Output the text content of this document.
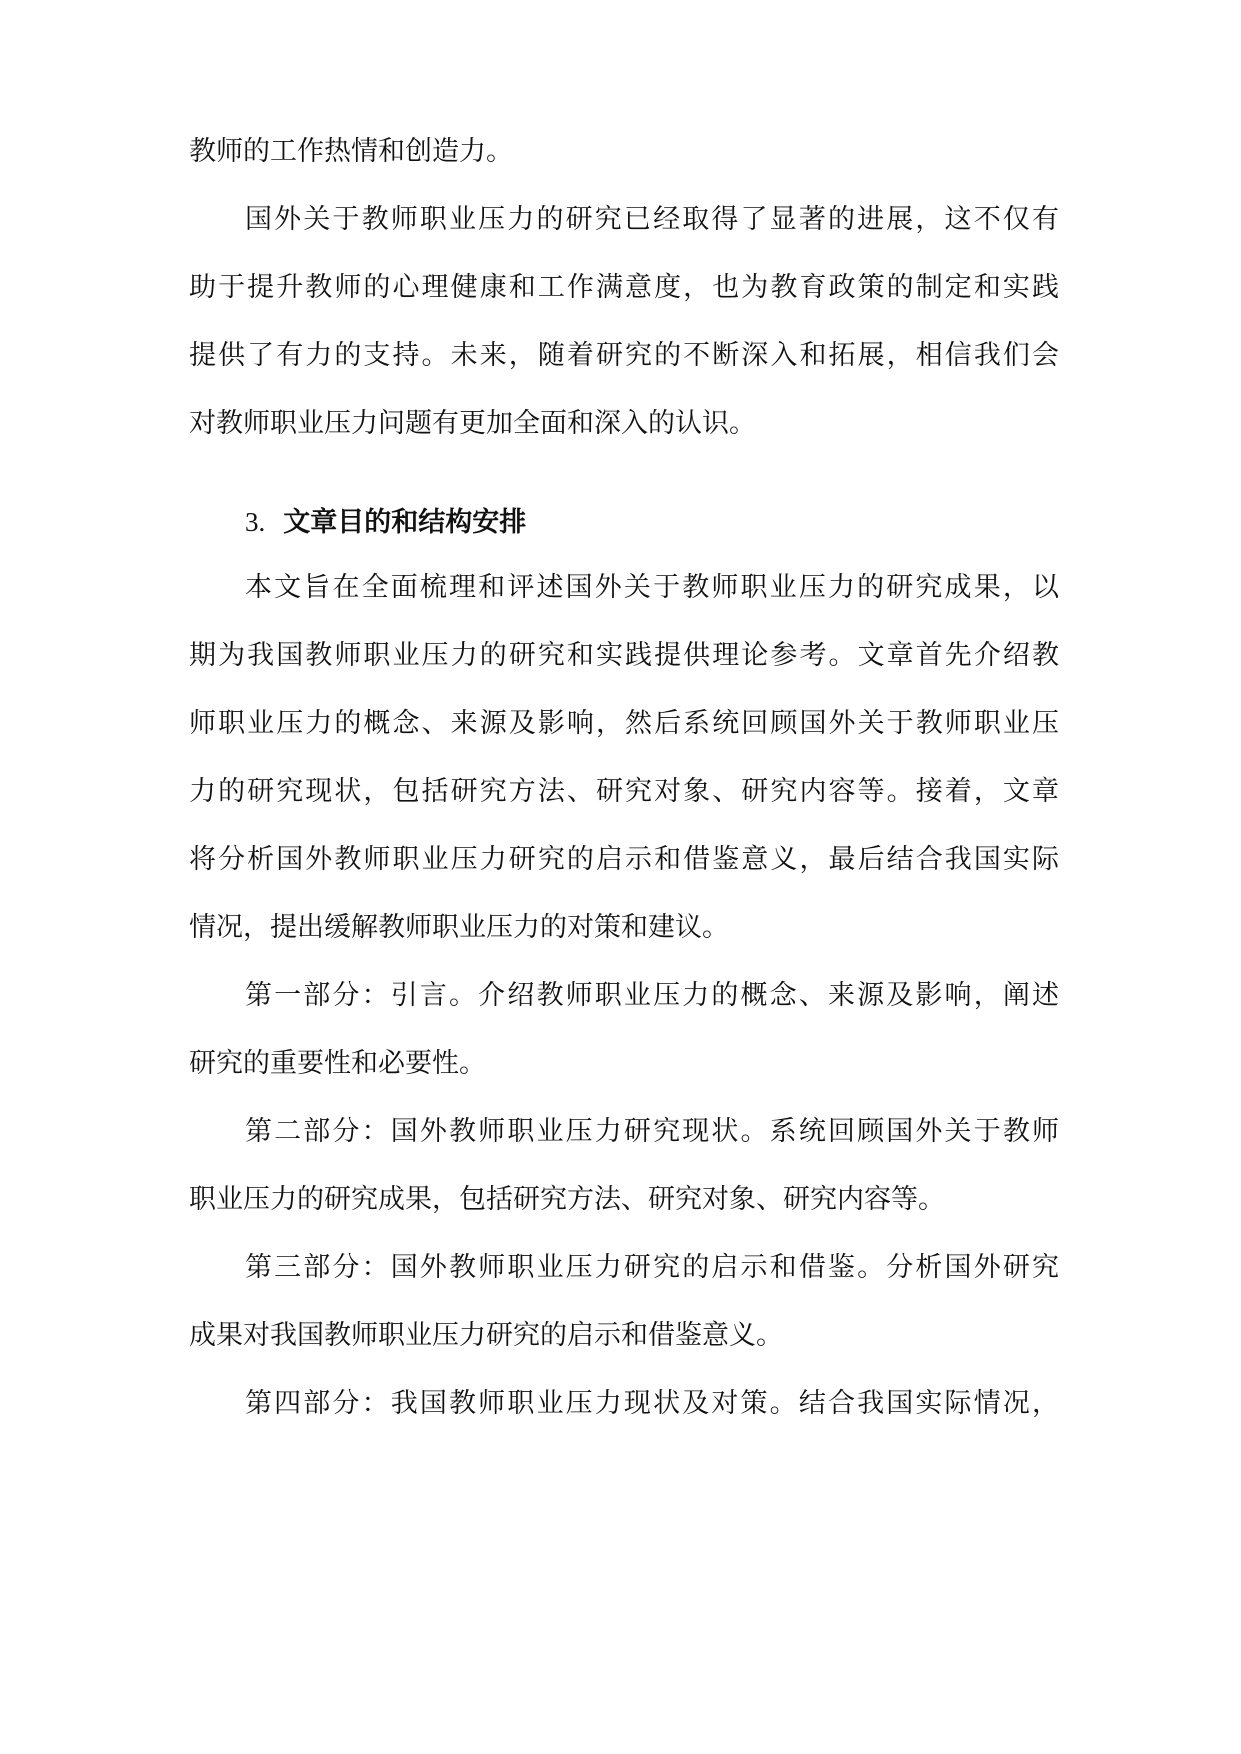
教师的工作热情和创造力。
国外关于教师职业压力的研究已经取得了显著的进展，这不仅有
助于提升教师的心理健康和工作满意度，也为教育政策的制定和实践
提供了有力的支持。未来，随着研究的不断深入和拓展，相信我们会
对教师职业压力问题有更加全面和深入的认识。
3. 文章目的和结构安排
本文旨在全面梳理和评述国外关于教师职业压力的研究成果，以
期为我国教师职业压力的研究和实践提供理论参考。文章首先介绍教
师职业压力的概念、来源及影响，然后系统回顾国外关于教师职业压
力的研究现状，包括研究方法、研究对象、研究内容等。接着，文章
将分析国外教师职业压力研究的启示和借鉴意义，最后结合我国实际
情况，提出缓解教师职业压力的对策和建议。
第一部分：引言。介绍教师职业压力的概念、来源及影响，阐述
研究的重要性和必要性。
第二部分：国外教师职业压力研究现状。系统回顾国外关于教师
职业压力的研究成果，包括研究方法、研究对象、研究内容等。
第三部分：国外教师职业压力研究的启示和借鉴。分析国外研究
成果对我国教师职业压力研究的启示和借鉴意义。
第四部分：我国教师职业压力现状及对策。结合我国实际情况，
